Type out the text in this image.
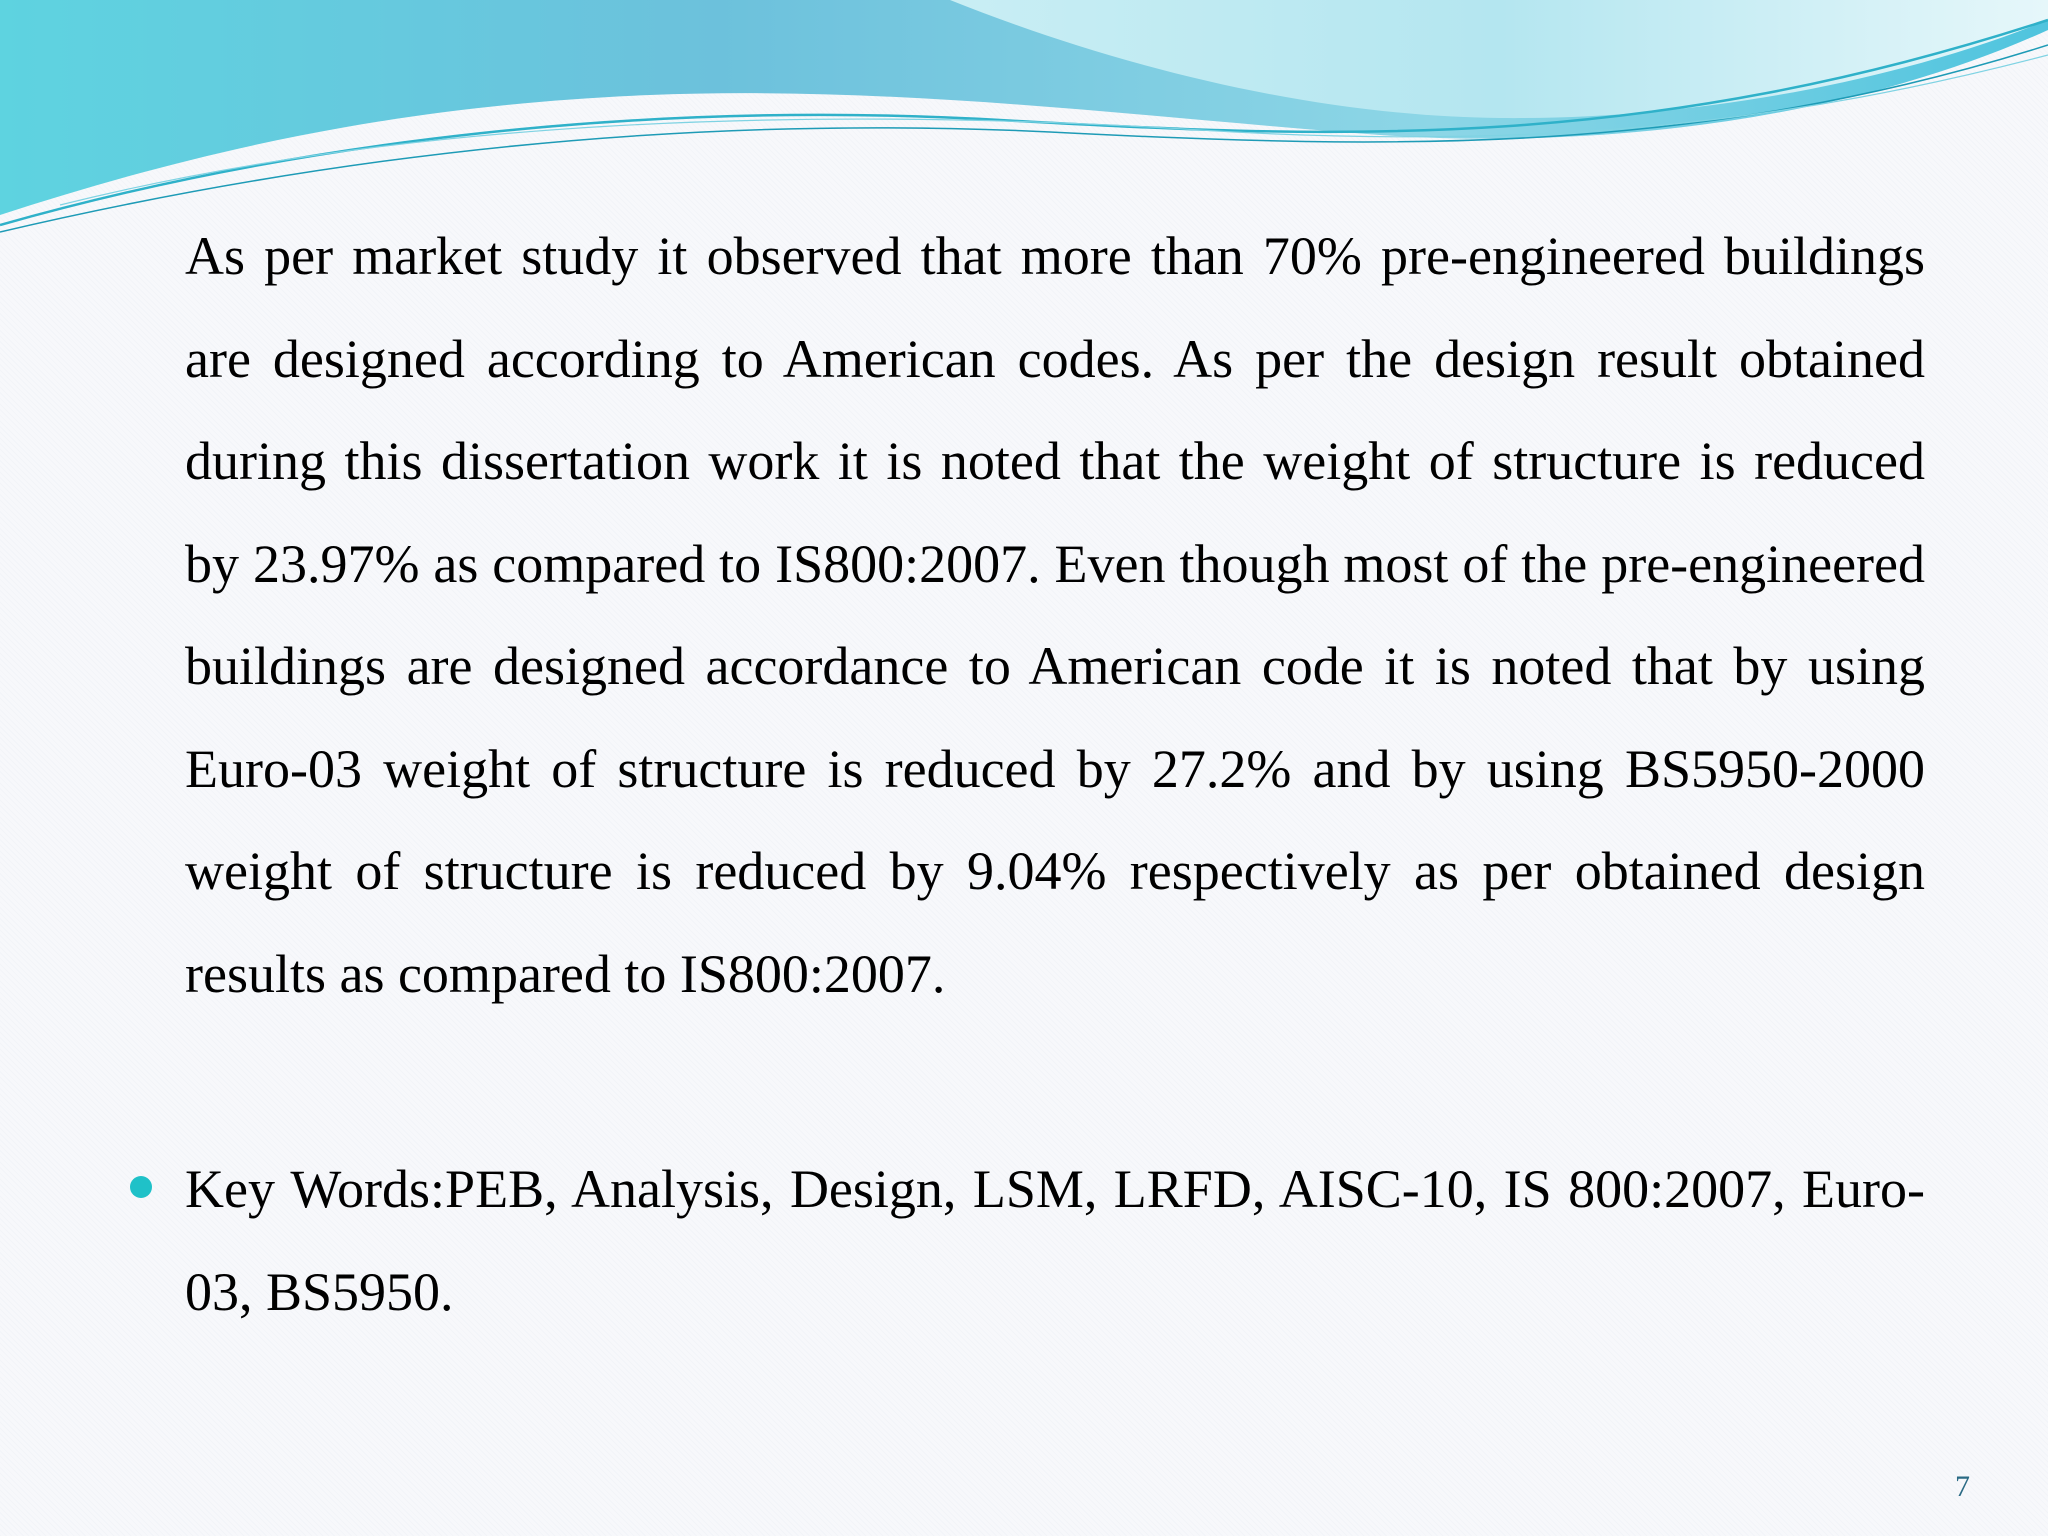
As per market study it observed that more than 70% pre-engineered buildings are designed according to American codes. As per the design result obtained during this dissertation work it is noted that the weight of structure is reduced by 23.97% as compared to IS800:2007. Even though most of the pre-engineered buildings are designed accordance to American code it is noted that by using Euro-03 weight of structure is reduced by 27.2% and by using BS5950-2000 weight of structure is reduced by 9.04% respectively as per obtained design results as compared to IS800:2007.

Key Words:PEB, Analysis, Design, LSM, LRFD, AISC-10, IS 800:2007, Euro-03, BS5950.

7
